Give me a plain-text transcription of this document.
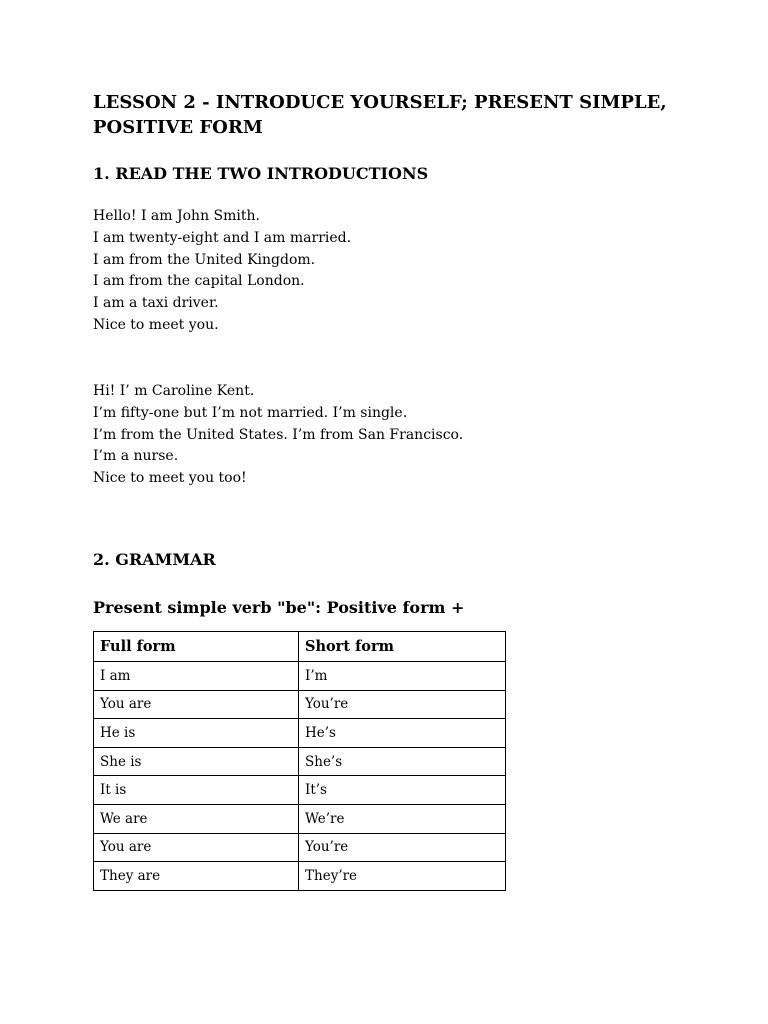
LESSON 2 - INTRODUCE YOURSELF; PRESENT SIMPLE, POSITIVE FORM
1. READ THE TWO INTRODUCTIONS
Hello! I am John Smith.
I am twenty-eight and I am married.
I am from the United Kingdom.
I am from the capital London.
I am a taxi driver.
Nice to meet you.
Hi! I’ m Caroline Kent.
I’m fifty-one but I’m not married. I’m single.
I’m from the United States. I’m from San Francisco.
I’m a nurse.
Nice to meet you too!
2. GRAMMAR
Present simple verb "be": Positive form +
Full form	Short form
I am	I’m
You are	You’re
He is	He’s
She is	She’s
It is	It’s
We are	We’re
You are	You’re
They are	They’re
